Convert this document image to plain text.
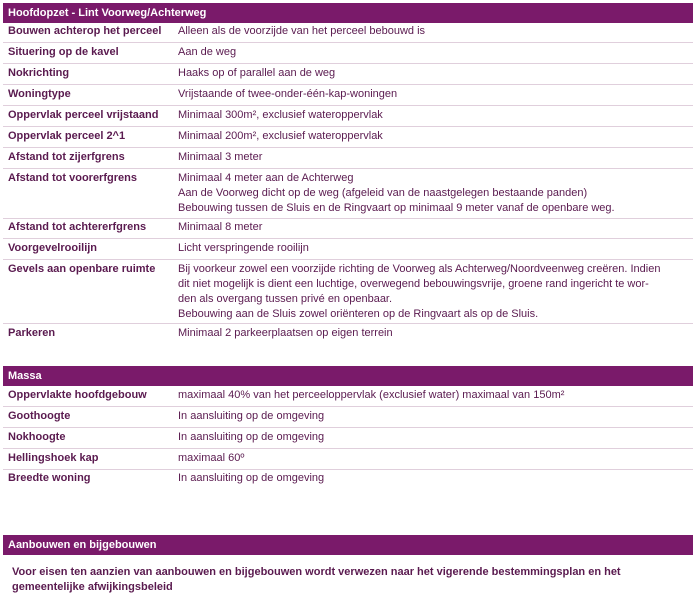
Hoofdopzet - Lint Voorweg/Achterweg
Bouwen achterop het perceel	Alleen als de voorzijde van het perceel bebouwd is
Situering op de kavel	Aan de weg
Nokrichting	Haaks op of parallel aan de weg
Woningtype	Vrijstaande of twee-onder-één-kap-woningen
Oppervlak perceel vrijstaand	Minimaal 300m², exclusief wateroppervlak
Oppervlak perceel 2^1	Minimaal 200m², exclusief wateroppervlak
Afstand tot zijerfgrens	Minimaal 3 meter
Afstand tot voorerfgrens	Minimaal 4 meter aan de Achterweg
Aan de Voorweg dicht op de weg (afgeleid van de naastgelegen bestaande panden)
Bebouwing tussen de Sluis en de Ringvaart op minimaal 9 meter vanaf de openbare weg.
Afstand tot achtererfgrens	Minimaal 8 meter
Voorgevelrooilijn	Licht verspringende rooilijn
Gevels aan openbare ruimte	Bij voorkeur zowel een voorzijde richting de Voorweg als Achterweg/Noordveenweg creëren. Indien
dit niet mogelijk is dient een luchtige, overwegend bebouwingsvrije, groene rand ingericht te wor-
den als overgang tussen privé en openbaar.
Bebouwing aan de Sluis zowel oriënteren op de Ringvaart als op de Sluis.
Parkeren	Minimaal 2 parkeerplaatsen op eigen terrein
Massa
Oppervlakte hoofdgebouw	maximaal 40% van het perceeloppervlak (exclusief water) maximaal van 150m²
Goothoogte	In aansluiting op de omgeving
Nokhoogte	In aansluiting op de omgeving
Hellingshoek kap	maximaal 60º
Breedte woning	In aansluiting op de omgeving
Aanbouwen en bijgebouwen
Voor eisen ten aanzien van aanbouwen en bijgebouwen wordt verwezen naar het vigerende bestemmingsplan en het
gemeentelijke afwijkingsbeleid
